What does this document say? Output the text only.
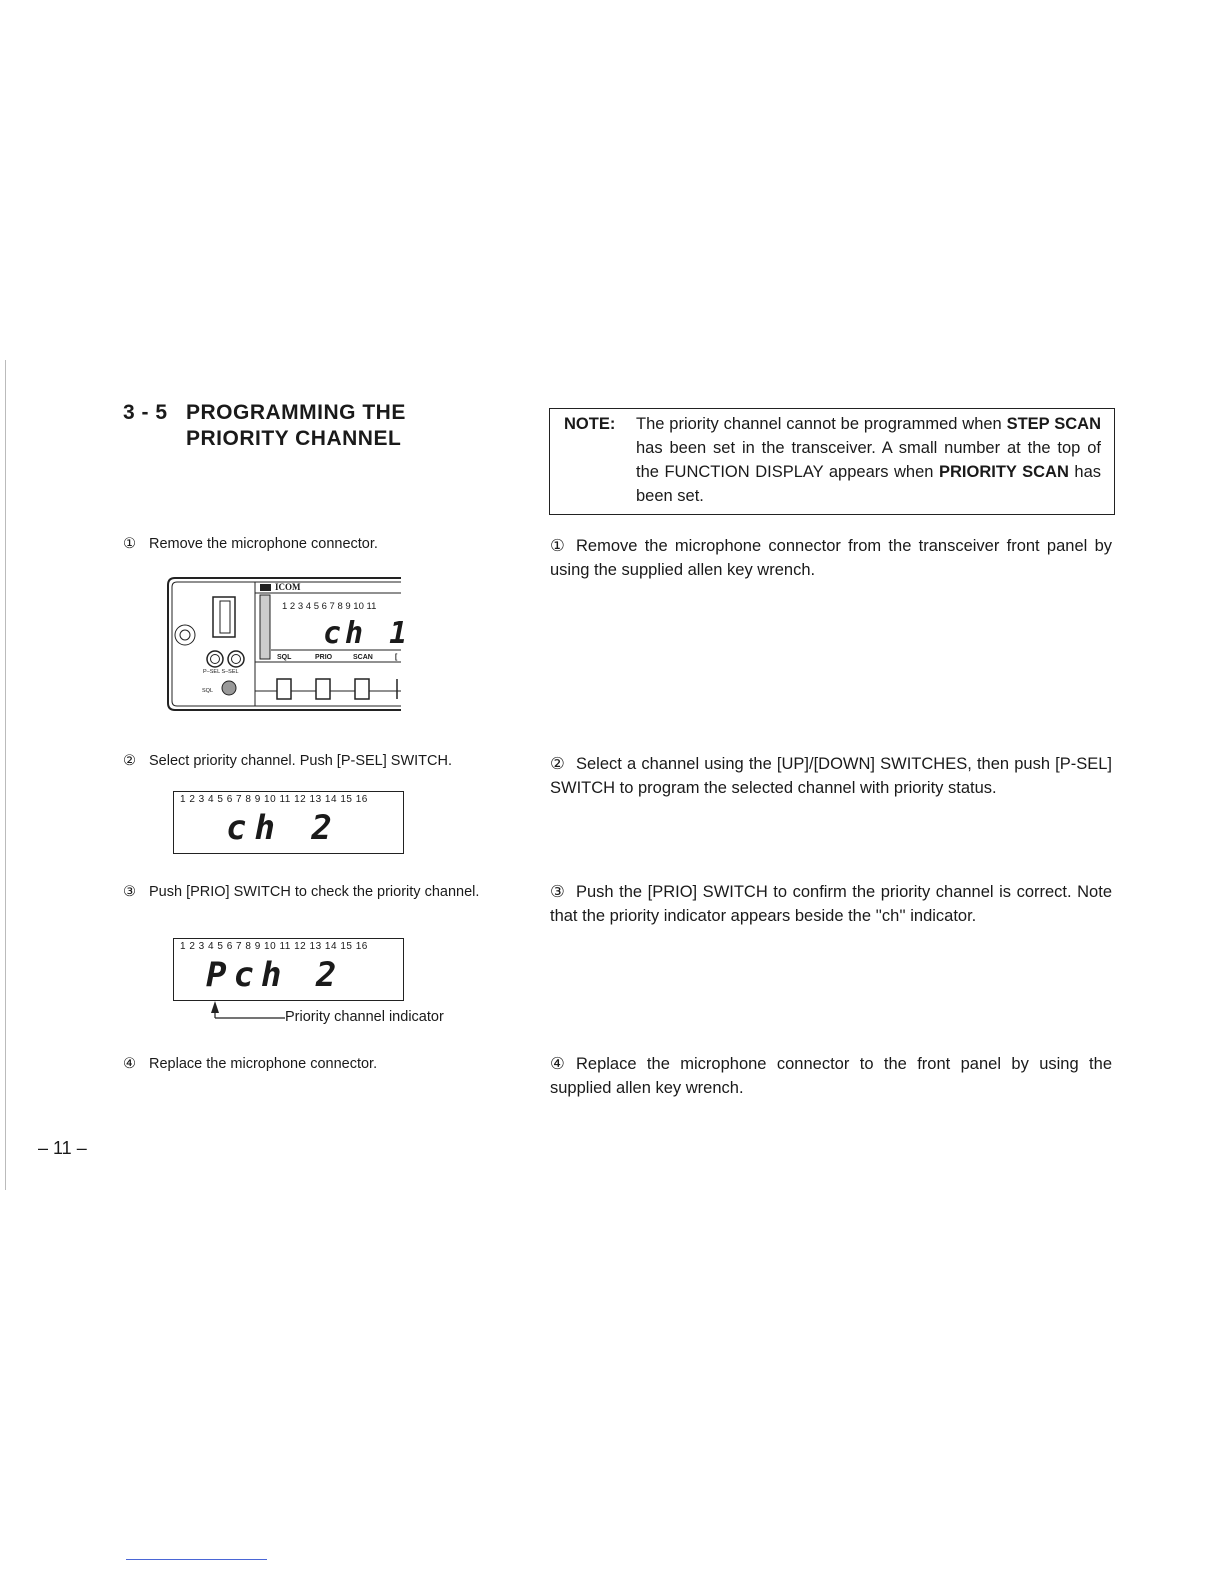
3 - 5 PROGRAMMING THE
PRIORITY CHANNEL
NOTE: The priority channel cannot be programmed when STEP SCAN has been set in the transceiver. A small number at the top of the FUNCTION DISPLAY appears when PRIORITY SCAN has been set.
① Remove the microphone connector.	① Remove the microphone connector from the transceiver front panel by using the supplied allen key wrench.
ICOM
1 2 3 4 5 6 7 8 9 10 11
ch 1
SQL	PRIO	SCAN	[
P–SEL S–SEL
SQL
② Select priority channel. Push [P-SEL] SWITCH.	② Select a channel using the [UP]/[DOWN] SWITCHES, then push [P-SEL] SWITCH to program the selected channel with priority status.
1 2 3 4 5 6 7 8 9 10 11 12 13 14 15 16
ch 2
③ Push [PRIO] SWITCH to check the priority channel.	③ Push the [PRIO] SWITCH to confirm the priority channel is correct. Note that the priority indicator appears beside the ''ch'' indicator.
1 2 3 4 5 6 7 8 9 10 11 12 13 14 15 16
Pch 2
Priority channel indicator
④ Replace the microphone connector.	④ Replace the microphone connector to the front panel by using the supplied allen key wrench.
– 11 –
